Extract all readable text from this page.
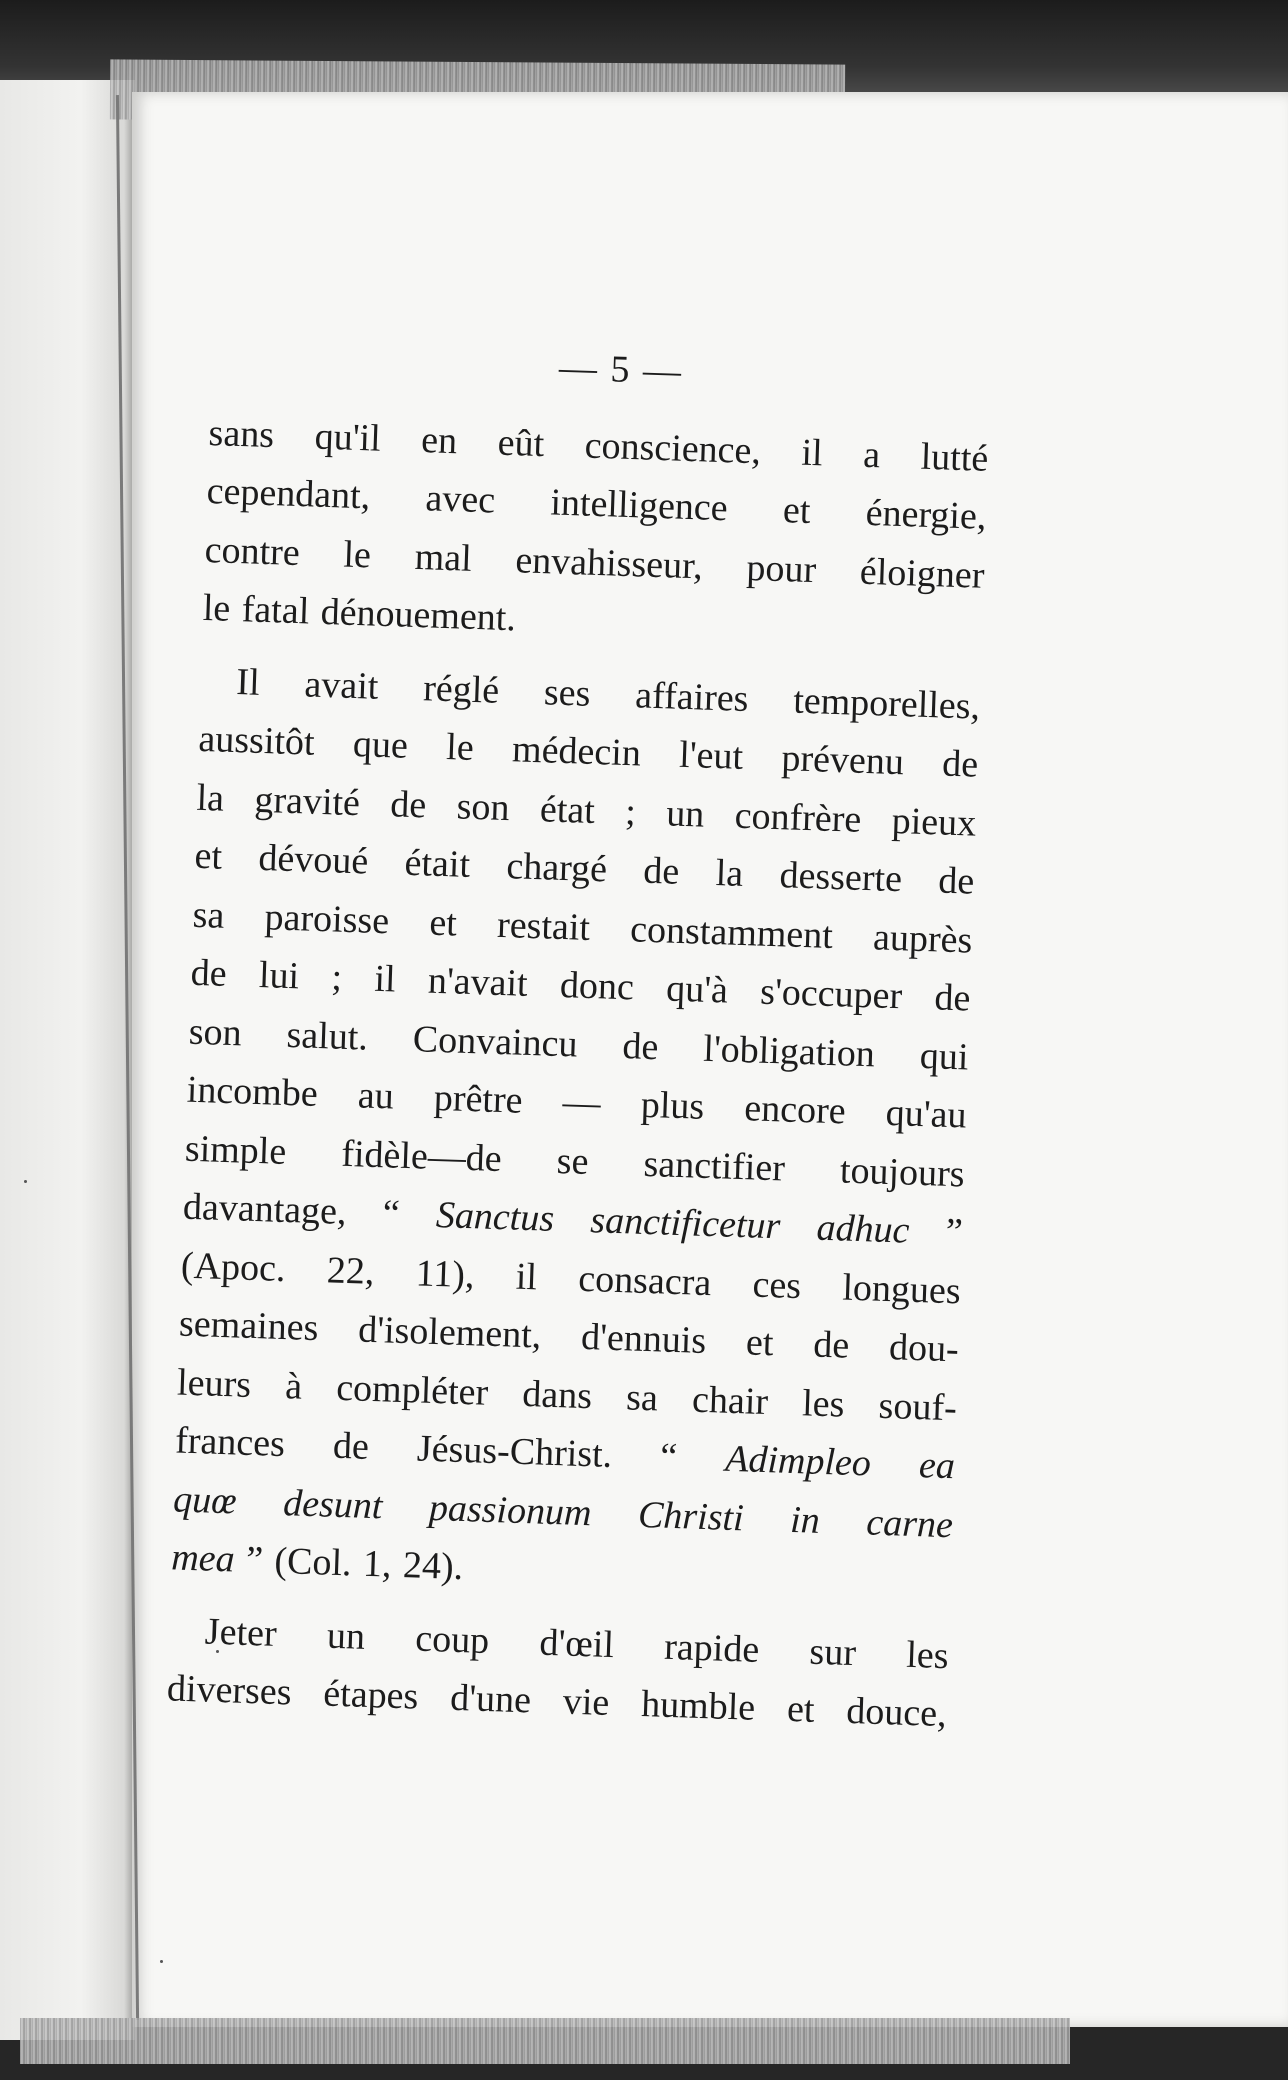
— 5 —
sans qu'il en eût conscience, il a lutté
cependant, avec intelligence et énergie,
contre le mal envahisseur, pour éloigner
le fatal dénouement.
Il avait réglé ses affaires temporelles,
aussitôt que le médecin l'eut prévenu de
la gravité de son état ; un confrère pieux
et dévoué était chargé de la desserte de
sa paroisse et restait constamment auprès
de lui ; il n'avait donc qu'à s'occuper de
son salut. Convaincu de l'obligation qui
incombe au prêtre — plus encore qu'au
simple fidèle—de se sanctifier toujours
davantage, “ Sanctus sanctificetur adhuc ”
(Apoc. 22, 11), il consacra ces longues
semaines d'isolement, d'ennuis et de dou-
leurs à compléter dans sa chair les souf-
frances de Jésus-Christ. “ Adimpleo ea
quœ desunt passionum Christi in carne
mea ” (Col. 1, 24).
Jeter un coup d'œil rapide sur les
diverses étapes d'une vie humble et douce,
